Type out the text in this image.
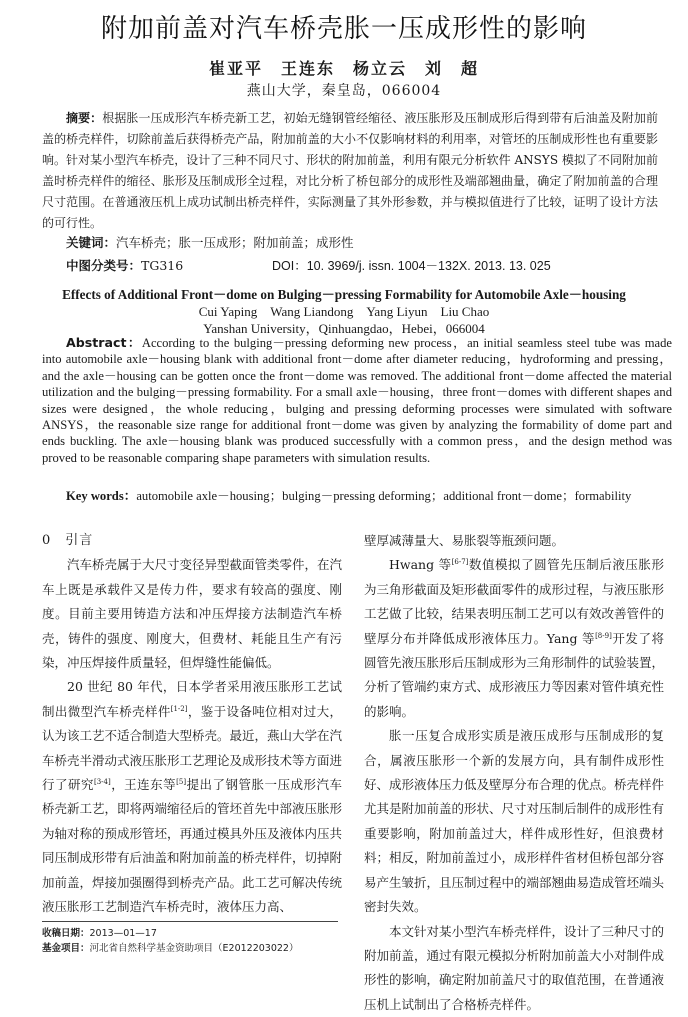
附加前盖对汽车桥壳胀一压成形性的影响
崔亚平　王连东　杨立云　刘　超
燕山大学，秦皇岛，066004
摘要：根据胀一压成形汽车桥壳新工艺，初始无缝钢管经缩径、液压胀形及压制成形后得到带有后油盖及附加前盖的桥壳样件，切除前盖后获得桥壳产品，附加前盖的大小不仅影响材料的利用率，对管坯的压制成形性也有重要影响。针对某小型汽车桥壳，设计了三种不同尺寸、形状的附加前盖，利用有限元分析软件 ANSYS 模拟了不同附加前盖时桥壳样件的缩径、胀形及压制成形全过程，对比分析了桥包部分的成形性及端部翘曲量，确定了附加前盖的合理尺寸范围。在普通液压机上成功试制出桥壳样件，实际测量了其外形参数，并与模拟值进行了比较，证明了设计方法的可行性。
关键词：汽车桥壳；胀一压成形；附加前盖；成形性
中图分类号：TG316	DOI：10. 3969/j. issn. 1004－132X. 2013. 13. 025
Effects of Additional Front－dome on Bulging－pressing Formability for Automobile Axle－housing
Cui Yaping　Wang Liandong　Yang Liyun　Liu Chao
Yanshan University，Qinhuangdao，Hebei，066004
Abstract：According to the bulging－pressing deforming new process，an initial seamless steel tube was made into automobile axle－housing blank with additional front－dome after diameter reducing，hydroforming and pressing，and the axle－housing can be gotten once the front－dome was removed. The additional front－dome affected the material utilization and the bulging－pressing formability. For a small axle－housing，three front－domes with different shapes and sizes were designed，the whole reducing，bulging and pressing deforming processes were simulated with software ANSYS，the reasonable size range for additional front－dome was given by analyzing the formability of dome part and ends buckling. The axle－housing blank was produced successfully with a common press，and the design method was proved to be reasonable comparing shape parameters with simulation results.
Key words：automobile axle－housing；bulging－pressing deforming；additional front－dome；formability
0　引言

汽车桥壳属于大尺寸变径异型截面管类零件，在汽车上既是承载件又是传力件，要求有较高的强度、刚度。目前主要用铸造方法和冲压焊接方法制造汽车桥壳，铸件的强度、刚度大，但费材、耗能且生产有污染，冲压焊接件质量轻，但焊缝性能偏低。

20 世纪 80 年代，日本学者采用液压胀形工艺试制出微型汽车桥壳样件[1-2]，鉴于设备吨位相对过大，认为该工艺不适合制造大型桥壳。最近，燕山大学在汽车桥壳半滑动式液压胀形工艺理论及成形技术等方面进行了研究[3-4]，王连东等[5]提出了钢管胀一压成形汽车桥壳新工艺，即将两端缩径后的管坯首先中部液压胀形为轴对称的预成形管坯，再通过模具外压及液体内压共同压制成形带有后油盖和附加前盖的桥壳样件，切掉附加前盖，焊接加强圈得到桥壳产品。此工艺可解决传统液压胀形工艺制造汽车桥壳时，液体压力高、

壁厚减薄量大、易胀裂等瓶颈问题。

Hwang 等[6-7]数值模拟了圆管先压制后液压胀形为三角形截面及矩形截面零件的成形过程，与液压胀形工艺做了比较，结果表明压制工艺可以有效改善管件的壁厚分布并降低成形液体压力。Yang 等[8-9]开发了将圆管先液压胀形后压制成形为三角形制件的试验装置，分析了管端约束方式、成形液压力等因素对管件填充性的影响。

胀一压复合成形实质是液压成形与压制成形的复合，属液压胀形一个新的发展方向，具有制件成形性好、成形液体压力低及壁厚分布合理的优点。桥壳样件尤其是附加前盖的形状、尺寸对压制后制件的成形性有重要影响，附加前盖过大，样件成形性好，但浪费材料；相反，附加前盖过小，成形样件省材但桥包部分容易产生皱折，且压制过程中的端部翘曲易造成管坯端头密封失效。

本文针对某小型汽车桥壳样件，设计了三种尺寸的附加前盖，通过有限元模拟分析附加前盖大小对制件成形性的影响，确定附加前盖尺寸的取值范围，在普通液压机上试制出了合格桥壳样件。

收稿日期：2013—01—17
基金项目：河北省自然科学基金资助项目（E2012203022）
